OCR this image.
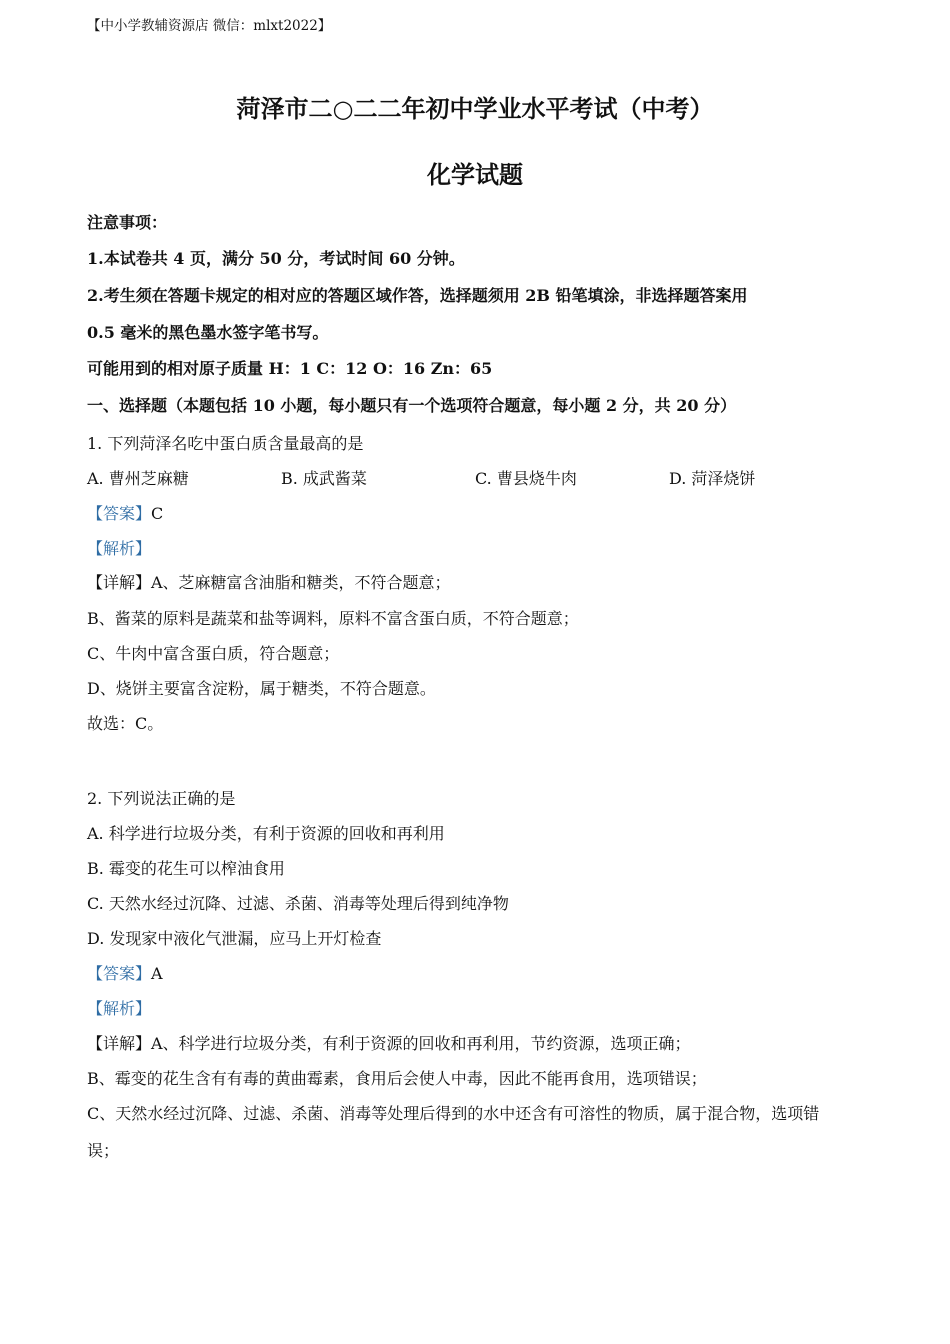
【中小学教辅资源店 微信：mlxt2022】
菏泽市二○二二年初中学业水平考试（中考）
化学试题
注意事项：
1.本试卷共 4 页，满分 50 分，考试时间 60 分钟。
2.考生须在答题卡规定的相对应的答题区域作答，选择题须用 2B 铅笔填涂，非选择题答案用
0.5 毫米的黑色墨水签字笔书写。
可能用到的相对原子质量 H：1 C：12 O：16 Zn：65
一、选择题（本题包括 10 小题，每小题只有一个选项符合题意，每小题 2 分，共 20 分）
1. 下列菏泽名吃中蛋白质含量最高的是
A. 曹州芝麻糖	B. 成武酱菜	C. 曹县烧牛肉	D. 菏泽烧饼
【答案】C
【解析】
【详解】A、芝麻糖富含油脂和糖类，不符合题意；
B、酱菜的原料是蔬菜和盐等调料，原料不富含蛋白质，不符合题意；
C、牛肉中富含蛋白质，符合题意；
D、烧饼主要富含淀粉，属于糖类，不符合题意。
故选：C。
2. 下列说法正确的是
A. 科学进行垃圾分类，有利于资源的回收和再利用
B. 霉变的花生可以榨油食用
C. 天然水经过沉降、过滤、杀菌、消毒等处理后得到纯净物
D. 发现家中液化气泄漏，应马上开灯检查
【答案】A
【解析】
【详解】A、科学进行垃圾分类，有利于资源的回收和再利用，节约资源，选项正确；
B、霉变的花生含有有毒的黄曲霉素，食用后会使人中毒，因此不能再食用，选项错误；
C、天然水经过沉降、过滤、杀菌、消毒等处理后得到的水中还含有可溶性的物质，属于混合物，选项错
误；
